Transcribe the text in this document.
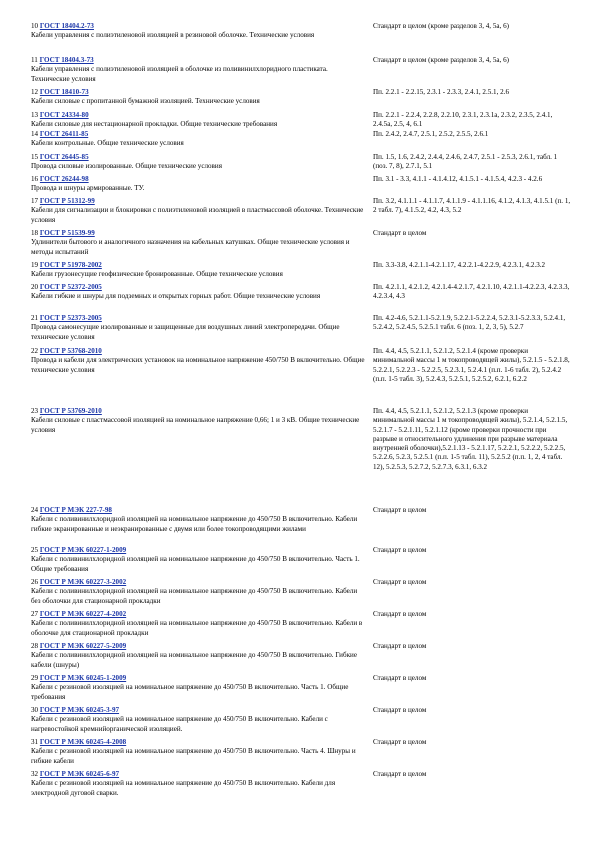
10 ГОСТ 18404.2-73
Кабели управления с полиэтиленовой изоляцией в резиновой оболочке. Технические условия
Стандарт в целом (кроме разделов 3, 4, 5а, 6)
11 ГОСТ 18404.3-73
Кабели управления с полиэтиленовой изоляцией в оболочке из поливинилхлоридного пластиката. Технические условия
Стандарт в целом (кроме разделов 3, 4, 5а, 6)
12 ГОСТ 18410-73
Кабели силовые с пропитанной бумажной изоляцией. Технические условия
Пп. 2.2.1 - 2.2.15, 2.3.1 - 2.3.3, 2.4.1, 2.5.1, 2.6
13 ГОСТ 24334-80
Кабели силовые для нестационарной прокладки. Общие технические требования
Пп. 2.2.1 - 2.2.4, 2.2.8, 2.2.10, 2.3.1, 2.3.1а, 2.3.2, 2.3.5, 2.4.1, 2.4.5а, 2.5, 4, 6.1
14 ГОСТ 26411-85
Кабели контрольные. Общие технические условия
Пп. 2.4.2, 2.4.7, 2.5.1, 2.5.2, 2.5.5, 2.6.1
15 ГОСТ 26445-85
Провода силовые изолированные. Общие технические условия
Пп. 1.5, 1.6, 2.4.2, 2.4.4, 2.4.6, 2.4.7, 2.5.1 - 2.5.3, 2.6.1, табл. 1 (поз. 7, 8), 2.7.1, 5.1
16 ГОСТ 26244-98
Провода и шнуры армированные. ТУ.
Пп. 3.1 - 3.3, 4.1.1 - 4.1.4.12, 4.1.5.1 - 4.1.5.4, 4.2.3 - 4.2.6
17 ГОСТ Р 51312-99
Кабели для сигнализации и блокировки с полиэтиленовой изоляцией в пластмассовой оболочке. Технические условия
Пп. 3.2, 4.1.1.1 - 4.1.1.7, 4.1.1.9 - 4.1.1.16, 4.1.2, 4.1.3, 4.1.5.1 (п. 1, 2 табл. 7), 4.1.5.2, 4.2, 4.3, 5.2
18 ГОСТ Р 51539-99
Удлинители бытового и аналогичного назначения на кабельных катушках. Общие технические условия и методы испытаний
Стандарт в целом
19 ГОСТ Р 51978-2002
Кабели грузонесущие геофизические бронированные. Общие технические условия
Пп. 3.3-3.8, 4.2.1.1-4.2.1.17, 4.2.2.1-4.2.2.9, 4.2.3.1, 4.2.3.2
20 ГОСТ Р 52372-2005
Кабели гибкие и шнуры для подземных и открытых горных работ. Общие технические условия
Пп. 4.2.1.1, 4.2.1.2, 4.2.1.4-4.2.1.7, 4.2.1.10, 4.2.1.1-4.2.2.3, 4.2.3.3, 4.2.3.4, 4.3
21 ГОСТ Р 52373-2005
Провода самонесущие изолированные и защищенные для воздушных линий электропередачи. Общие технические условия
Пп. 4.2-4.6, 5.2.1.1-5.2.1.9, 5.2.2.1-5.2.2.4, 5.2.3.1-5.2.3.3, 5.2.4.1, 5.2.4.2, 5.2.4.5, 5.2.5.1 табл. 6 (поз. 1, 2, 3, 5), 5.2.7
22 ГОСТ Р 53768-2010
Провода и кабели для электрических установок на номинальное напряжение 450/750 В включительно. Общие технические условия
Пп. 4.4, 4.5, 5.2.1.1, 5.2.1.2, 5.2.1.4 (кроме проверки минимальной массы 1 м токопроводящей жилы), 5.2.1.5 - 5.2.1.8, 5.2.2.1, 5.2.2.3 - 5.2.2.5, 5.2.3.1, 5.2.4.1 (п.п. 1-6 табл. 2), 5.2.4.2 (п.п. 1-5 табл. 3), 5.2.4.3, 5.2.5.1, 5.2.5.2, 6.2.1, 6.2.2
23 ГОСТ Р 53769-2010
Кабели силовые с пластмассовой изоляцией на номинальное напряжение 0,66; 1 и 3 кВ. Общие технические условия
Пп. 4.4, 4.5, 5.2.1.1, 5.2.1.2, 5.2.1.3 (кроме проверки минимальной массы 1 м токопроводящей жилы), 5.2.1.4, 5.2.1.5, 5.2.1.7 - 5.2.1.11, 5.2.1.12 (кроме проверки прочности при разрыве и относительного удлинения при разрыве материала внутренней оболочки),5.2.1.13 - 5.2.1.17, 5.2.2.1, 5.2.2.2, 5.2.2.5, 5.2.2.6, 5.2.3, 5.2.5.1 (п.п. 1-5 табл. 11), 5.2.5.2 (п.п. 1, 2, 4 табл. 12), 5.2.5.3, 5.2.7.2, 5.2.7.3, 6.3.1, 6.3.2
24 ГОСТ Р МЭК 227-7-98
Кабели с поливинилхлоридной изоляцией на номинальное напряжение до 450/750 В включительно. Кабели гибкие экранированные и неэкранированные с двумя или более токопроводящими жилами
Стандарт в целом
25 ГОСТ Р МЭК 60227-1-2009
Кабели с поливинилхлоридной изоляцией на номинальное напряжение до 450/750 В включительно. Часть 1. Общие требования
Стандарт в целом
26 ГОСТ Р МЭК 60227-3-2002
Кабели с поливинилхлоридной изоляцией на номинальное напряжение до 450/750 В включительно. Кабели без оболочки для стационарной прокладки
Стандарт в целом
27 ГОСТ Р МЭК 60227-4-2002
Кабели с поливинилхлоридной изоляцией на номинальное напряжение до 450/750 В включительно. Кабели в оболочке для стационарной прокладки
Стандарт в целом
28 ГОСТ Р МЭК 60227-5-2009
Кабели с поливинилхлоридной изоляцией на номинальное напряжение до 450/750 В включительно. Гибкие кабели (шнуры)
Стандарт в целом
29 ГОСТ Р МЭК 60245-1-2009
Кабели с резиновой изоляцией на номинальное напряжение до 450/750 В включительно. Часть 1. Общие требования
Стандарт в целом
30 ГОСТ Р МЭК 60245-3-97
Кабели с резиновой изоляцией на номинальное напряжение до 450/750 В включительно. Кабели с нагревостойкой кремнийорганической изоляцией.
Стандарт в целом
31 ГОСТ Р МЭК 60245-4-2008
Кабели с резиновой изоляцией на номинальное напряжение до 450/750 В включительно. Часть 4. Шнуры и гибкие кабели
Стандарт в целом
32 ГОСТ Р МЭК 60245-6-97
Кабели с резиновой изоляцией на номинальное напряжение до 450/750 В включительно. Кабели для электродной дуговой сварки.
Стандарт в целом
